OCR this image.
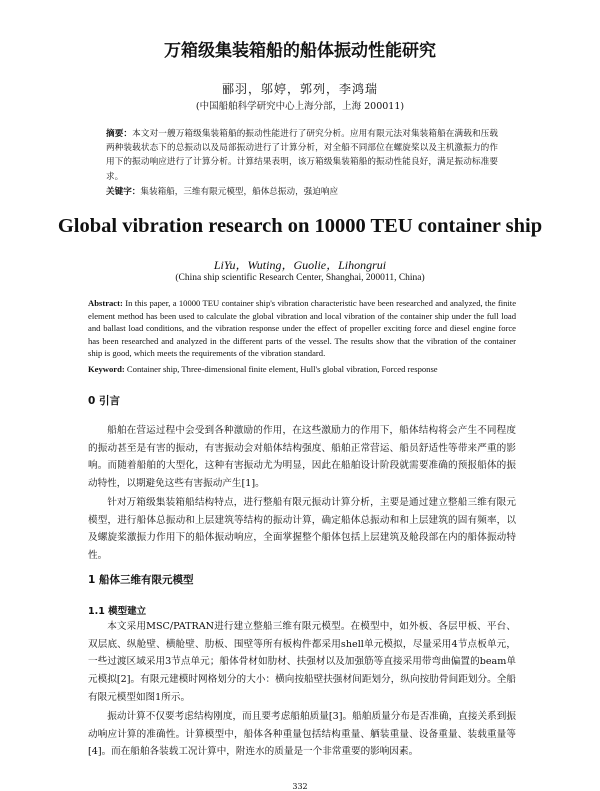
万箱级集装箱船的船体振动性能研究
郦羽，邬婷，郭列，李鸿瑞
(中国船舶科学研究中心上海分部，上海 200011)
摘要：本文对一艘万箱级集装箱船的振动性能进行了研究分析。应用有限元法对集装箱船在满载和压载两种装载状态下的总振动以及局部振动进行了计算分析，对全船不同部位在螺旋桨以及主机激振力的作用下的振动响应进行了计算分析。计算结果表明，该万箱级集装箱船的振动性能良好，满足振动标准要求。
关键字：集装箱船，三维有限元模型，船体总振动，强迫响应
Global vibration research on 10000 TEU container ship
LiYu，Wuting，Guolie，Lihongrui
(China ship scientific Research Center, Shanghai, 200011, China)
Abstract: In this paper, a 10000 TEU container ship's vibration characteristic have been researched and analyzed, the finite element method has been used to calculate the global vibration and local vibration of the container ship under the full load and ballast load conditions, and the vibration response under the effect of propeller exciting force and diesel engine force has been researched and analyzed in the different parts of the vessel. The results show that the vibration of the container ship is good, which meets the requirements of the vibration standard.
Keyword: Container ship, Three-dimensional finite element, Hull's global vibration, Forced response
0 引言

船舶在营运过程中会受到各种激励的作用，在这些激励力的作用下，船体结构将会产生不同程度的振动甚至是有害的振动，有害振动会对船体结构强度、船舶正常营运、船员舒适性等带来严重的影响。而随着船舶的大型化，这种有害振动尤为明显，因此在船舶设计阶段就需要准确的预报船体的振动特性，以期避免这些有害振动产生[1]。

针对万箱级集装箱船结构特点，进行整船有限元振动计算分析，主要是通过建立整船三维有限元模型，进行船体总振动和上层建筑等结构的振动计算，确定船体总振动和和上层建筑的固有频率，以及螺旋桨激振力作用下的船体振动响应，全面掌握整个船体包括上层建筑及舱段部在内的船体振动特性。

1 船体三维有限元模型
1.1 模型建立

本文采用MSC/PATRAN进行建立整船三维有限元模型。在模型中，如外板、各层甲板、平台、双层底、纵舱壁、横舱壁、肋板、围壁等所有板构件都采用shell单元模拟，尽量采用4节点板单元，一些过渡区域采用3节点单元；船体骨材如肋材、扶强材以及加强筋等直接采用带弯曲偏置的beam单元模拟[2]。有限元建模时网格划分的大小：横向按船壁扶强材间距划分，纵向按肋骨间距划分。全船有限元模型如图1所示。

振动计算不仅要考虑结构刚度，而且要考虑船舶质量[3]。船舶质量分布是否准确，直接关系到振动响应计算的准确性。计算模型中，船体各种重量包括结构重量、舾装重量、设备重量、装载重量等[4]。而在船舶各装载工况计算中，附连水的质量是一个非常重要的影响因素。

332
